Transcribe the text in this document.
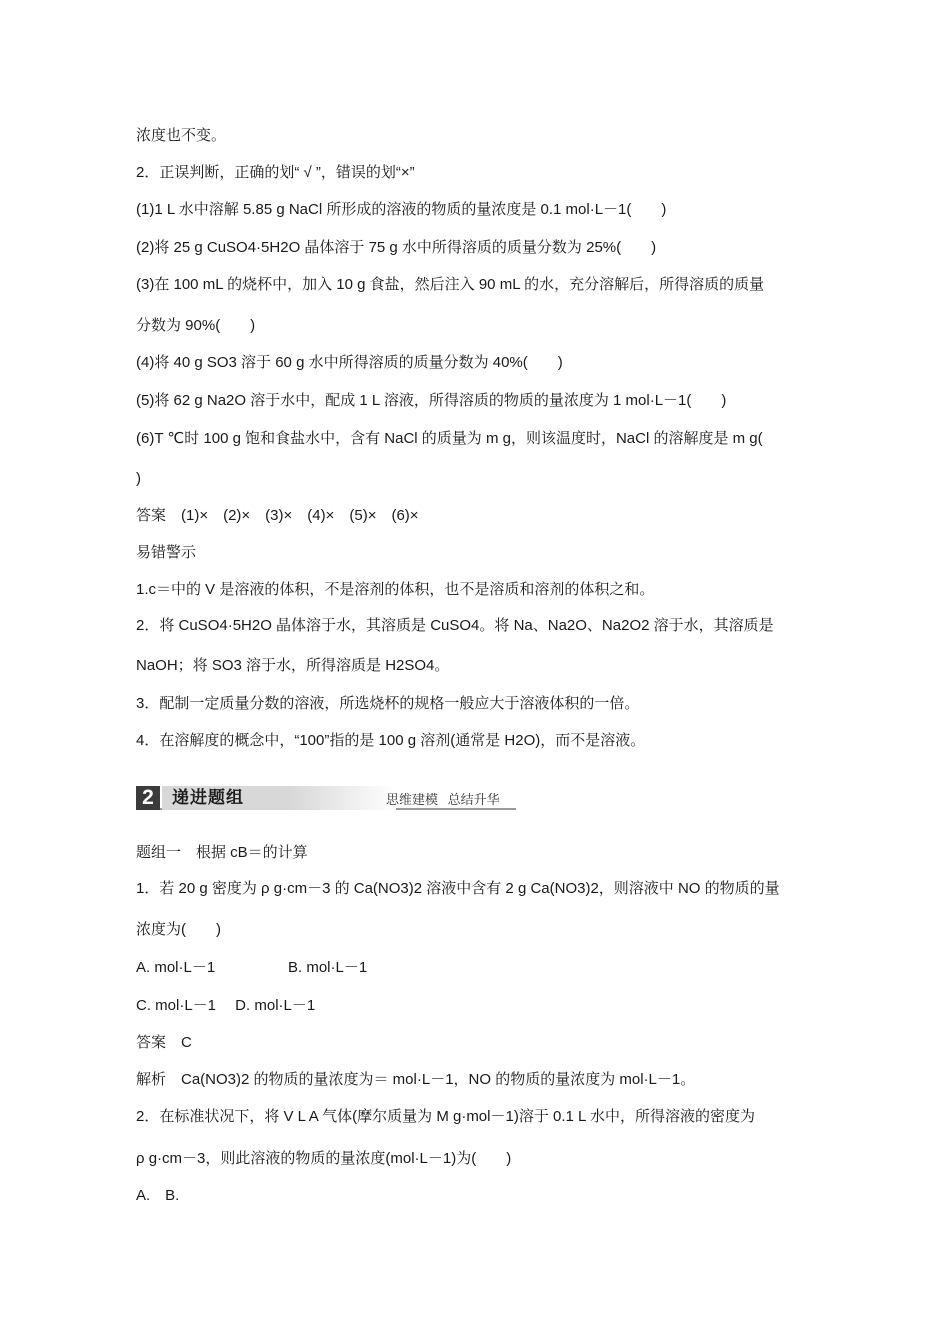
浓度也不变。
2．正误判断，正确的划“ √ ”，错误的划“×”
(1)1 L 水中溶解 5.85 g NaCl 所形成的溶液的物质的量浓度是 0.1 mol·L－1(　　)
(2)将 25 g CuSO4·5H2O 晶体溶于 75 g 水中所得溶质的质量分数为 25%(　　)
(3)在 100 mL 的烧杯中，加入 10 g 食盐，然后注入 90 mL 的水，充分溶解后，所得溶质的质量
分数为 90%(　　)
(4)将 40 g SO3 溶于 60 g 水中所得溶质的质量分数为 40%(　　)
(5)将 62 g Na2O 溶于水中，配成 1 L 溶液，所得溶质的物质的量浓度为 1 mol·L－1(　　)
(6)T ℃时 100 g 饱和食盐水中，含有 NaCl 的质量为 m g，则该温度时，NaCl 的溶解度是 m g(
)
答案　(1)×　(2)×　(3)×　(4)×　(5)×　(6)×
易错警示
1.c＝中的 V 是溶液的体积，不是溶剂的体积，也不是溶质和溶剂的体积之和。
2．将 CuSO4·5H2O 晶体溶于水，其溶质是 CuSO4。将 Na、Na2O、Na2O2 溶于水，其溶质是
NaOH；将 SO3 溶于水，所得溶质是 H2SO4。
3．配制一定质量分数的溶液，所选烧杯的规格一般应大于溶液体积的一倍。
4．在溶解度的概念中，“100”指的是 100 g 溶剂(通常是 H2O)，而不是溶液。
2	递进题组	思维建模 总结升华
题组一　根据 cB＝的计算
1．若 20 g 密度为 ρ g·cm－3 的 Ca(NO3)2 溶液中含有 2 g Ca(NO3)2，则溶液中 NO 的物质的量
浓度为(　　)
A. mol·L－1	B. mol·L－1
C. mol·L－1　 D. mol·L－1
答案　C
解析　Ca(NO3)2 的物质的量浓度为＝ mol·L－1，NO 的物质的量浓度为 mol·L－1。
2．在标准状况下，将 V L A 气体(摩尔质量为 M g·mol－1)溶于 0.1 L 水中，所得溶液的密度为
ρ g·cm－3，则此溶液的物质的量浓度(mol·L－1)为(　　)
A.　B.
